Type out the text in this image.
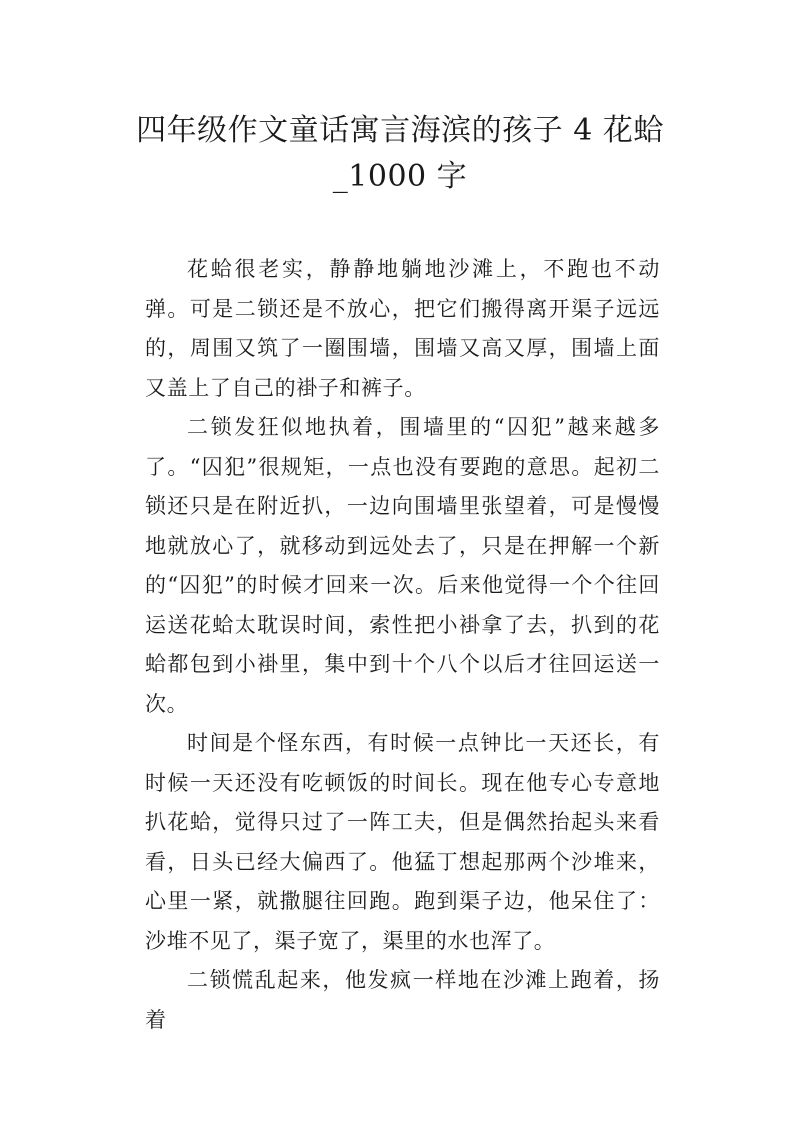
四年级作文童话寓言海滨的孩子 4 花蛤
_1000 字

花蛤很老实，静静地躺地沙滩上，不跑也不动弹。可是二锁还是不放心，把它们搬得离开渠子远远的，周围又筑了一圈围墙，围墙又高又厚，围墙上面又盖上了自己的褂子和裤子。

二锁发狂似地执着，围墙里的“囚犯”越来越多了。“囚犯”很规矩，一点也没有要跑的意思。起初二锁还只是在附近扒，一边向围墙里张望着，可是慢慢地就放心了，就移动到远处去了，只是在押解一个新的“囚犯”的时候才回来一次。后来他觉得一个个往回运送花蛤太耽误时间，索性把小褂拿了去，扒到的花蛤都包到小褂里，集中到十个八个以后才往回运送一次。

时间是个怪东西，有时候一点钟比一天还长，有时候一天还没有吃顿饭的时间长。现在他专心专意地扒花蛤，觉得只过了一阵工夫，但是偶然抬起头来看看，日头已经大偏西了。他猛丁想起那两个沙堆来，心里一紧，就撒腿往回跑。跑到渠子边，他呆住了：沙堆不见了，渠子宽了，渠里的水也浑了。

二锁慌乱起来，他发疯一样地在沙滩上跑着，扬着
